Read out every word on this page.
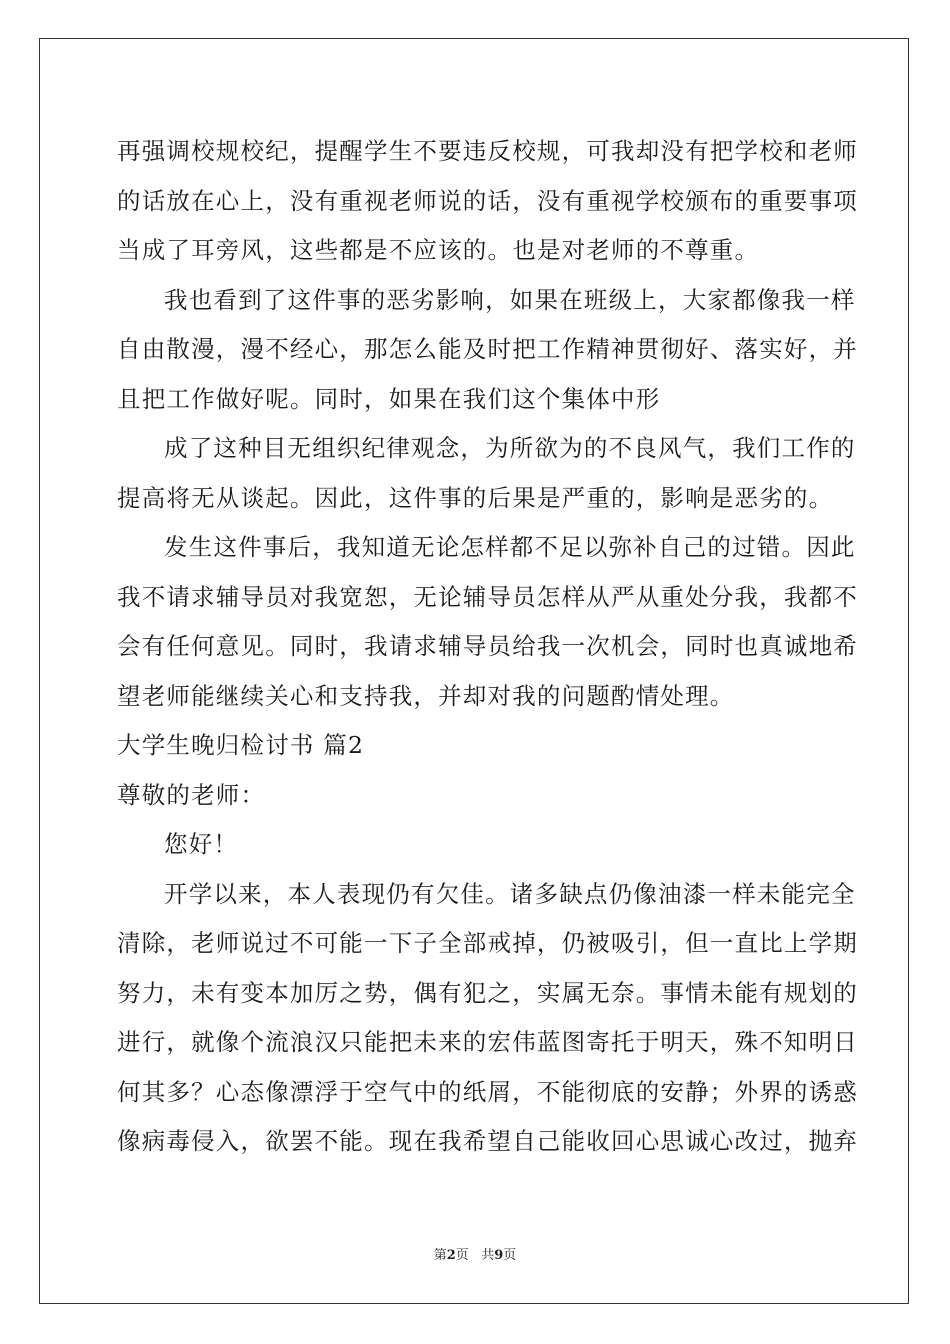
再强调校规校纪，提醒学生不要违反校规，可我却没有把学校和老师
的话放在心上，没有重视老师说的话，没有重视学校颁布的重要事项
当成了耳旁风，这些都是不应该的。也是对老师的不尊重。
我也看到了这件事的恶劣影响，如果在班级上，大家都像我一样
自由散漫，漫不经心，那怎么能及时把工作精神贯彻好、落实好，并
且把工作做好呢。同时，如果在我们这个集体中形
成了这种目无组织纪律观念，为所欲为的不良风气，我们工作的
提高将无从谈起。因此，这件事的后果是严重的，影响是恶劣的。
发生这件事后，我知道无论怎样都不足以弥补自己的过错。因此
我不请求辅导员对我宽恕，无论辅导员怎样从严从重处分我，我都不
会有任何意见。同时，我请求辅导员给我一次机会，同时也真诚地希
望老师能继续关心和支持我，并却对我的问题酌情处理。
大学生晚归检讨书 篇2
尊敬的老师：
您好！
开学以来，本人表现仍有欠佳。诸多缺点仍像油漆一样未能完全
清除，老师说过不可能一下子全部戒掉，仍被吸引，但一直比上学期
努力，未有变本加厉之势，偶有犯之，实属无奈。事情未能有规划的
进行，就像个流浪汉只能把未来的宏伟蓝图寄托于明天，殊不知明日
何其多？心态像漂浮于空气中的纸屑，不能彻底的安静；外界的诱惑
像病毒侵入，欲罢不能。现在我希望自己能收回心思诚心改过，抛弃
第2页 共9页
